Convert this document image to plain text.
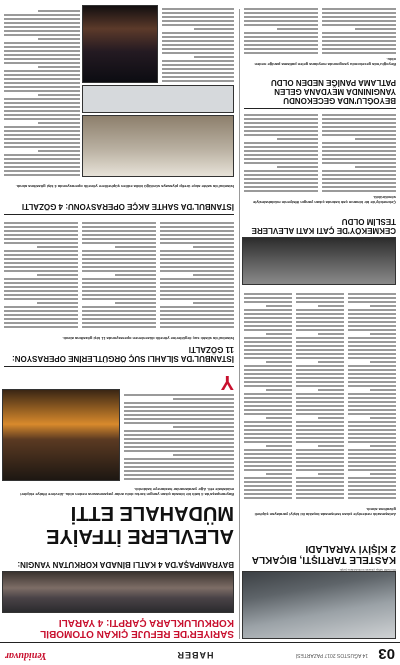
03
14 AĞUSTOS 2017 PAZARTESİ
HABER
Yeniduvar
Otomobil refüje çıkarak korkuluklara çarptı.
KASTELE TARTIŞTI, BIÇAKLA 2 KİŞİYİ YARALADI
Anlaşmazlık nedeniyle çıkan tartışmada bıçakla iki kişiyi yaralayan şüpheli gözaltına alındı.
CEKMEKÖY'DE ÇATI KATI ALEVLERE TESLİM OLDU
Çekmeköy'de bir binanın çatı katında çıkan yangın itfaiyenin müdahalesiyle söndürüldü.
BEYOĞLU'NDA GECEKONDU YANGININDA MEYDANA GELEN PATLAMA PANİĞE NEDEN OLDU
Beyoğlu'nda gecekondu yangınında meydana gelen patlama paniğe neden oldu.
SARIYER'DE REFÜJE ÇIKAN OTOMOBİL KORKULUKLARA ÇARPTI: 4 YARALI
BAYRAMPAŞA'DA 4 KATLI BİNADA KORKUTAN YANGIN:
ALEVLERE İTFAİYE MÜDAHALE ETTİ
Bayrampaşa'da 4 katlı bir binada çıkan yangın korku dolu anlar yaşanmasına neden oldu. Alevlere itfaiye ekipleri müdahale etti. Ağır yaralananlar hastaneye kaldırıldı.
Y
İSTANBUL'DA SİLAHLI SUÇ ÖRGÜTLERİNE OPERASYON: 11 GÖZALTI
İstanbul'da silahlı suç örgütlerine yönelik düzenlenen operasyonda 11 kişi gözaltına alındı.
İSTANBUL'DA SAHTE AKÇE OPERASYONU: 4 GÖZALTI
İstanbul'da sahte akçe üretip piyasaya sürdüğü iddia edilen şüphelilere yönelik operasyonda 4 kişi gözaltına alındı.
